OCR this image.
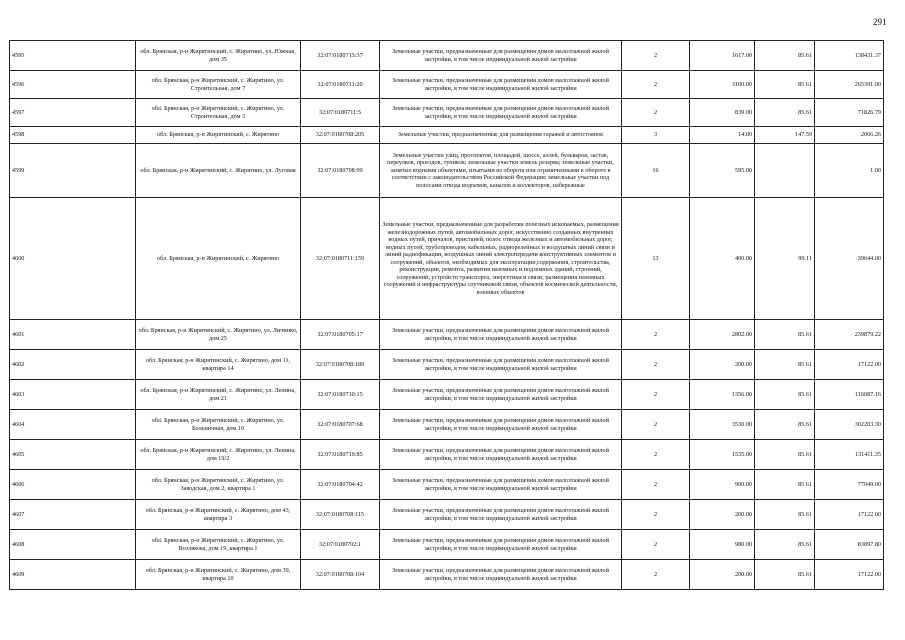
291
4595	обл. Брянская, р-н Жирятинский, с. Жирятино, ул. Южная, дом 35	32:07:0180713:37	Земельные участки, предназначенные для размещения домов малоэтажной жилой застройки, в том числе индивидуальной жилой застройки	2	1617.00	85.61	138431.37
4596	обл. Брянская, р-н Жирятинский, с. Жирятино, ул. Строительная, дом 7	32:07:0180711:20	Земельные участки, предназначенные для размещения домов малоэтажной жилой застройки, в том числе индивидуальной жилой застройки	2	3100.00	85.61	265391.00
4597	обл. Брянская, р-н Жирятинский, с. Жирятино, ул. Строительная, дом 5	32:07:0180711:5	Земельные участки, предназначенные для размещения домов малоэтажной жилой застройки, в том числе индивидуальной жилой застройки	2	839.00	85.61	71826.79
4598	обл. Брянская, р-н Жирятинский, с. Жирятино	32:07:0180708:205	Земельные участки, предназначенные для размещения гаражей и автостоянок	3	14.00	147.59	2066.26
4599	обл. Брянская, р-н Жирятинский, с. Жирятино, ул. Луговая	32:07:0180708:99	Земельные участки улиц, проспектов, площадей, шоссе, аллей, бульваров, застав, переулков, проездов, тупиков; земельные участки земель резерва; земельные участки, занятые водными объектами, изъятыми из оборота или ограниченными в обороте в соответствии с законодательством Российской Федерации; земельные участки под полосами отвода водоемов, каналов и коллекторов, набережные	16	595.00		1.00
4600	обл. Брянская, р-н Жирятинский, с. Жирятино	32:07:0180711:159	Земельные участки, предназначенные для разработки полезных ископаемых, размещения железнодорожных путей, автомобильных дорог, искусственно созданных внутренних водных путей, причалов, пристаней, полос отвода железных и автомобильных дорог, водных путей, трубопроводов, кабельных, радиорелейных и воздушных линий связи и линий радиофикации, воздушных линий электропередачи конструктивных элементов и сооружений, объектов, необходимых для эксплуатации,содержания, строительства, реконструкции, ремонта, развития наземных и подземных зданий, строений, сооружений, устройств транспорта, энергетики и связи; размещения наземных сооружений и инфраструктуры спутниковой связи, объектов космической деятельности, военных объектов	13	400.00	99.11	39644.00
4601	обл. Брянская, р-н Жирятинский, с. Жирятино, ул. Личинко, дом 25	32:07:0180705:17	Земельные участки, предназначенные для размещения домов малоэтажной жилой застройки, в том числе индивидуальной жилой застройки	2	2802.00	85.61	239879.22
4602	обл. Брянская, р-н Жирятинский, с. Жирятино, дом 11, квартира 14	32:07:0180708:189	Земельные участки, предназначенные для размещения домов малоэтажной жилой застройки, в том числе индивидуальной жилой застройки	2	200.00	85.61	17122.00
4603	обл. Брянская, р-н Жирятинский, с. Жирятино, ул. Ленина, дом 21	32:07:0180710:15	Земельные участки, предназначенные для размещения домов малоэтажной жилой застройки, в том числе индивидуальной жилой застройки	2	1356.00	85.61	116087.16
4604	обл. Брянская, р-н Жирятинский, с. Жирятино, ул. Больничная, дом 10	32:07:0180707:68	Земельные участки, предназначенные для размещения домов малоэтажной жилой застройки, в том числе индивидуальной жилой застройки	2	3530.00	85.61	302203.30
4605	обл. Брянская, р-н Жирятинский, с. Жирятино, ул. Ленина, дом 19/2	32:07:0180710:85	Земельные участки, предназначенные для размещения домов малоэтажной жилой застройки, в том числе индивидуальной жилой застройки	2	1535.00	85.61	131411.35
4606	обл. Брянская, р-н Жирятинский, с. Жирятино, ул. Заводская, дом 2, квартира 1	32:07:0180704:42	Земельные участки, предназначенные для размещения домов малоэтажной жилой застройки, в том числе индивидуальной жилой застройки	2	900.00	85.61	77049.00
4607	обл. Брянская, р-н Жирятинский, с. Жирятино, дом 43, квартира 3	32:07:0180708:115	Земельные участки, предназначенные для размещения домов малоэтажной жилой застройки, в том числе индивидуальной жилой застройки	2	200.00	85.61	17122.00
4608	обл. Брянская, р-н Жирятинский, с. Жирятино, ул. Возлякова, дом 19, квартира 1	32:07:0180702:1	Земельные участки, предназначенные для размещения домов малоэтажной жилой застройки, в том числе индивидуальной жилой застройки	2	980.00	85.61	83897.80
4609	обл. Брянская, р-н Жирятинский, с. Жирятино, дом 39, квартира 10	32:07:0180708:104	Земельные участки, предназначенные для размещения домов малоэтажной жилой застройки, в том числе индивидуальной жилой застройки	2	200.00	85.61	17122.00
